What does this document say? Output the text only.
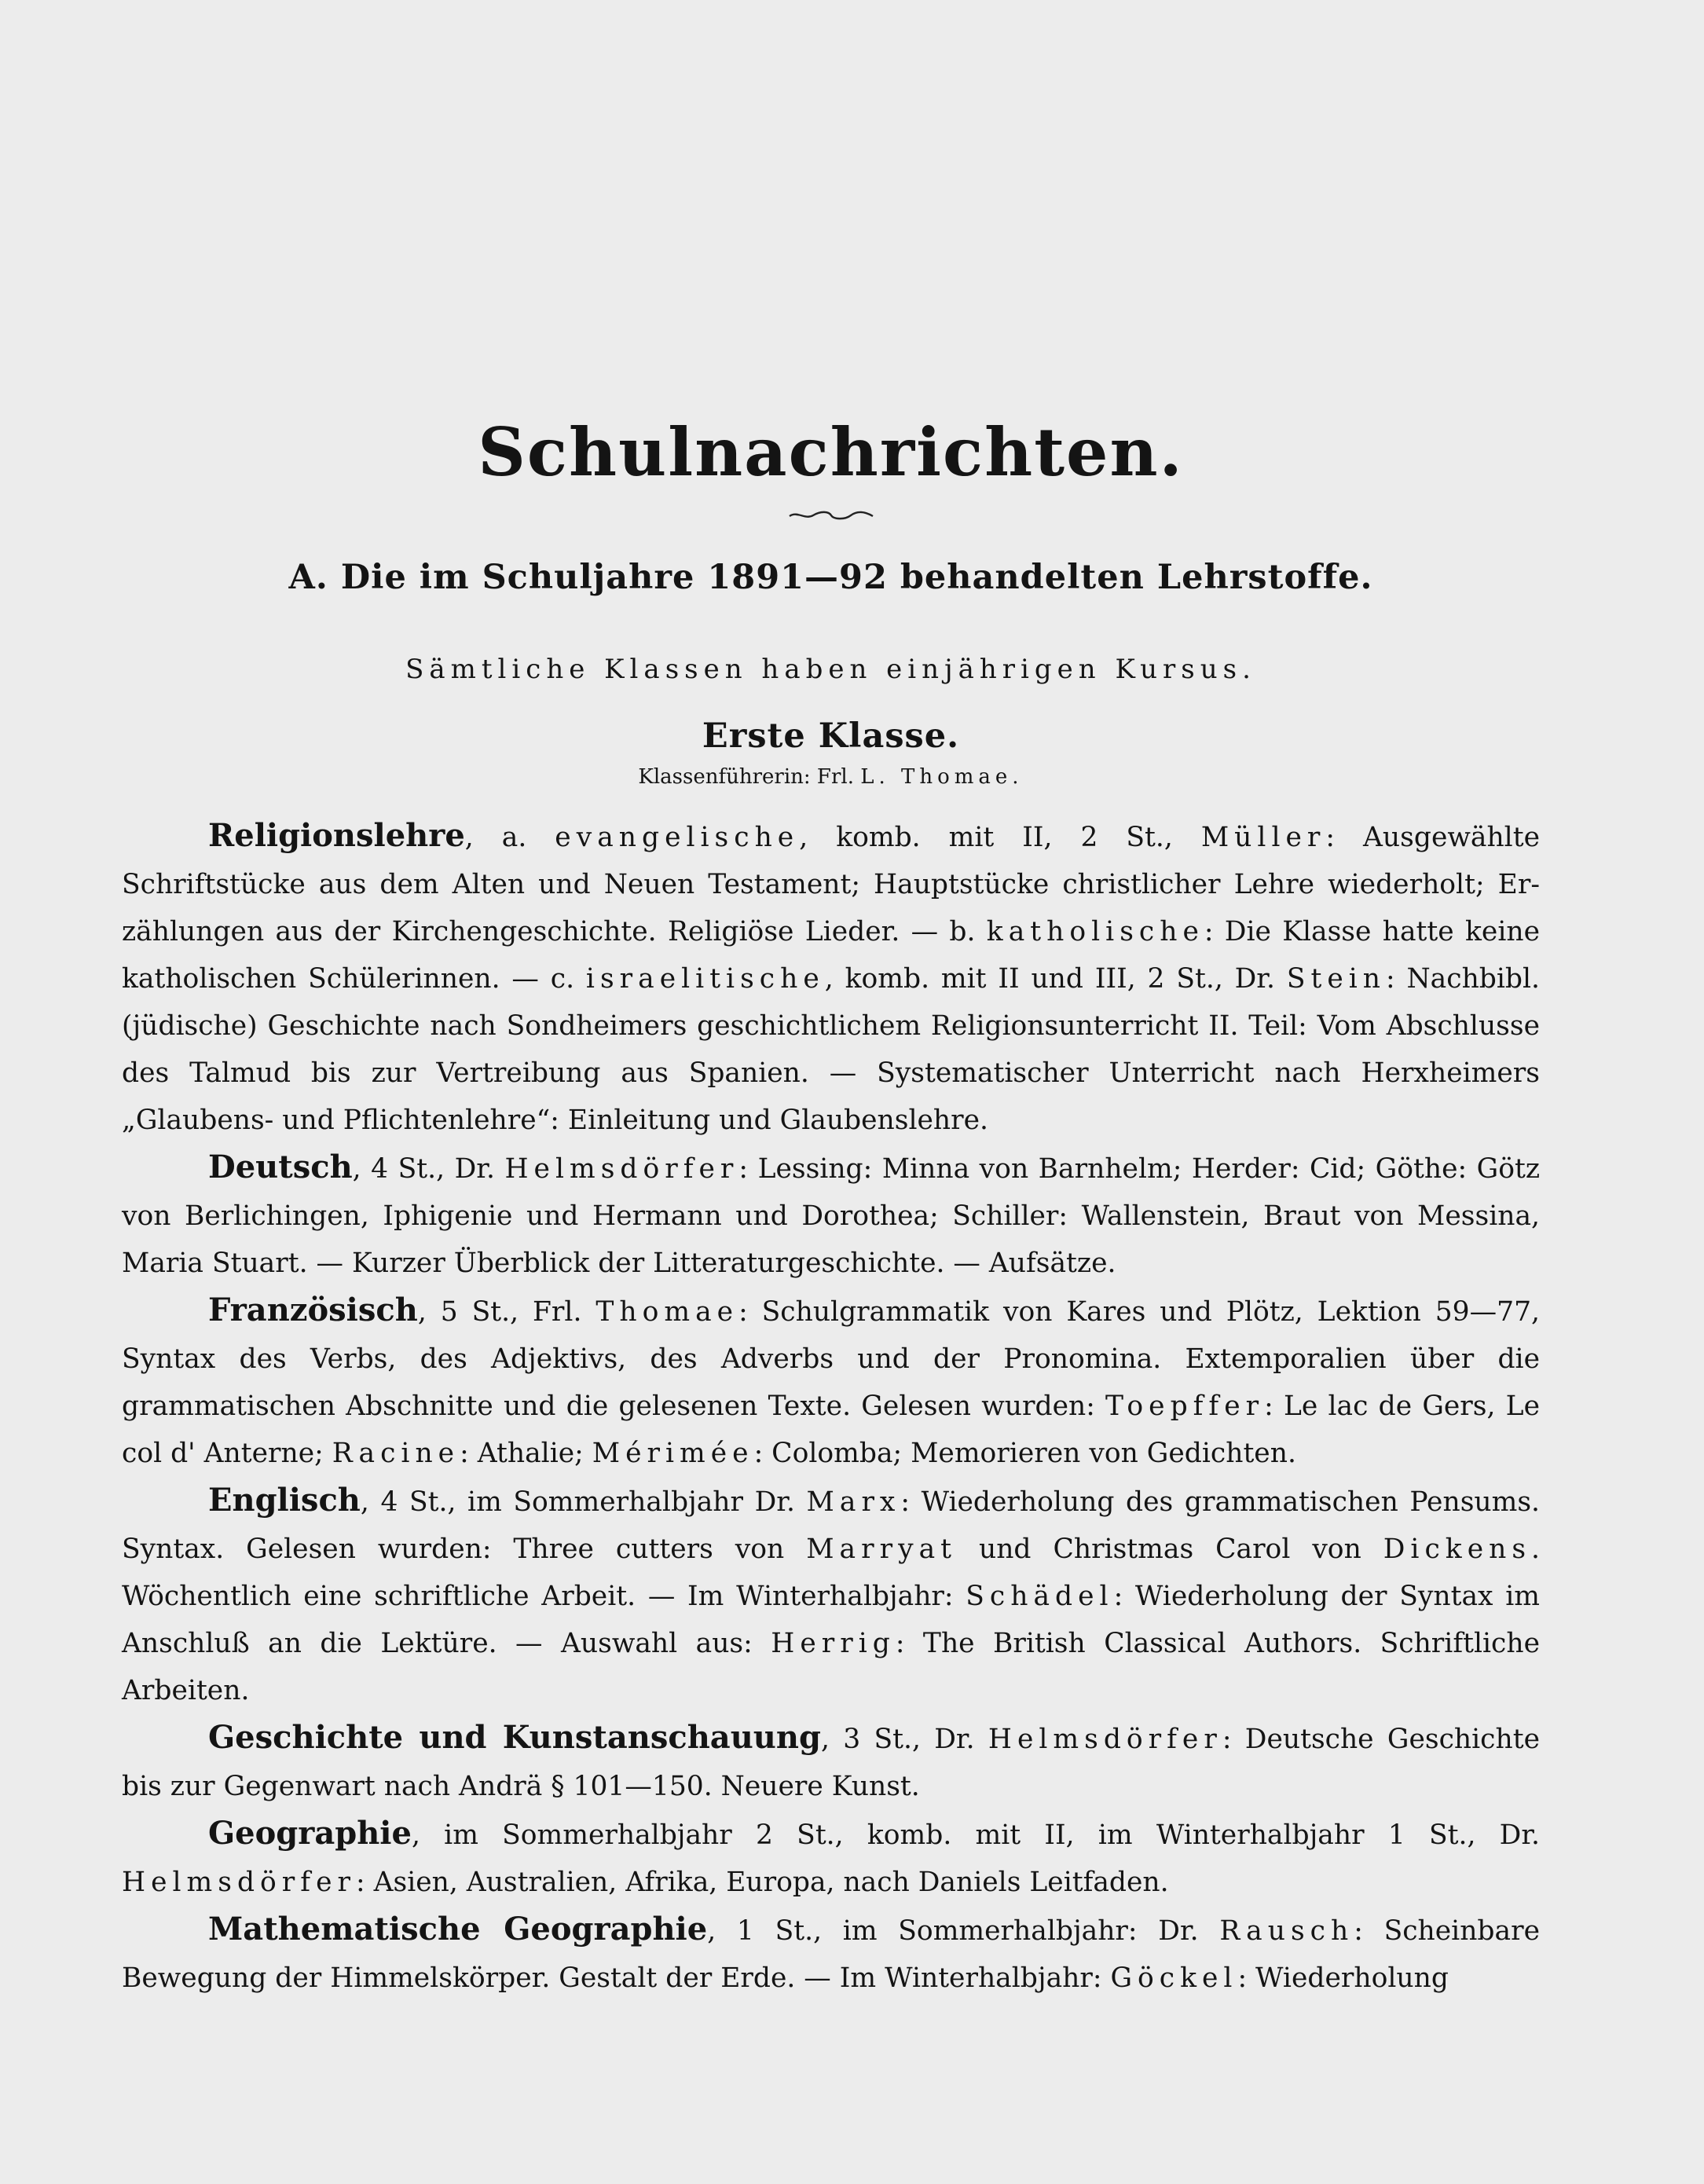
Schulnachrichten.
A. Die im Schuljahre 1891—92 behandelten Lehrstoffe.

Sämtliche Klassen haben einjährigen Kursus.

Erste Klasse.

Klassenführerin: Frl. L. Thomae.

Religionslehre, a. evangelische, komb. mit II, 2 St., Müller: Ausgewählte Schriftstücke aus dem Alten und Neuen Testament; Hauptstücke christlicher Lehre wiederholt; Erzählungen aus der Kirchengeschichte. Religiöse Lieder. — b. katholische: Die Klasse hatte keine katholischen Schülerinnen. — c. israelitische, komb. mit II und III, 2 St., Dr. Stein: Nachbibl. (jüdische) Geschichte nach Sondheimers geschichtlichem Religionsunterricht II. Teil: Vom Abschlusse des Talmud bis zur Vertreibung aus Spanien. — Systematischer Unterricht nach Herxheimers „Glaubens- und Pflichtenlehre“: Einleitung und Glaubenslehre.

Deutsch, 4 St., Dr. Helmsdörfer: Lessing: Minna von Barnhelm; Herder: Cid; Göthe: Götz von Berlichingen, Iphigenie und Hermann und Dorothea; Schiller: Wallenstein, Braut von Messina, Maria Stuart. — Kurzer Überblick der Litteraturgeschichte. — Aufsätze.

Französisch, 5 St., Frl. Thomae: Schulgrammatik von Kares und Plötz, Lektion 59—77, Syntax des Verbs, des Adjektivs, des Adverbs und der Pronomina. Extemporalien über die grammatischen Abschnitte und die gelesenen Texte. Gelesen wurden: Toepffer: Le lac de Gers, Le col d' Anterne; Racine: Athalie; Mérimée: Colomba; Memorieren von Gedichten.

Englisch, 4 St., im Sommerhalbjahr Dr. Marx: Wiederholung des grammatischen Pensums. Syntax. Gelesen wurden: Three cutters von Marryat und Christmas Carol von Dickens. Wöchentlich eine schriftliche Arbeit. — Im Winterhalbjahr: Schädel: Wiederholung der Syntax im Anschluß an die Lektüre. — Auswahl aus: Herrig: The British Classical Authors. Schriftliche Arbeiten.

Geschichte und Kunstanschauung, 3 St., Dr. Helmsdörfer: Deutsche Geschichte bis zur Gegenwart nach Andrä § 101—150. Neuere Kunst.

Geographie, im Sommerhalbjahr 2 St., komb. mit II, im Winterhalbjahr 1 St., Dr. Helmsdörfer: Asien, Australien, Afrika, Europa, nach Daniels Leitfaden.

Mathematische Geographie, 1 St., im Sommerhalbjahr: Dr. Rausch: Scheinbare Bewegung der Himmelskörper. Gestalt der Erde. — Im Winterhalbjahr: Göckel: Wiederholung
